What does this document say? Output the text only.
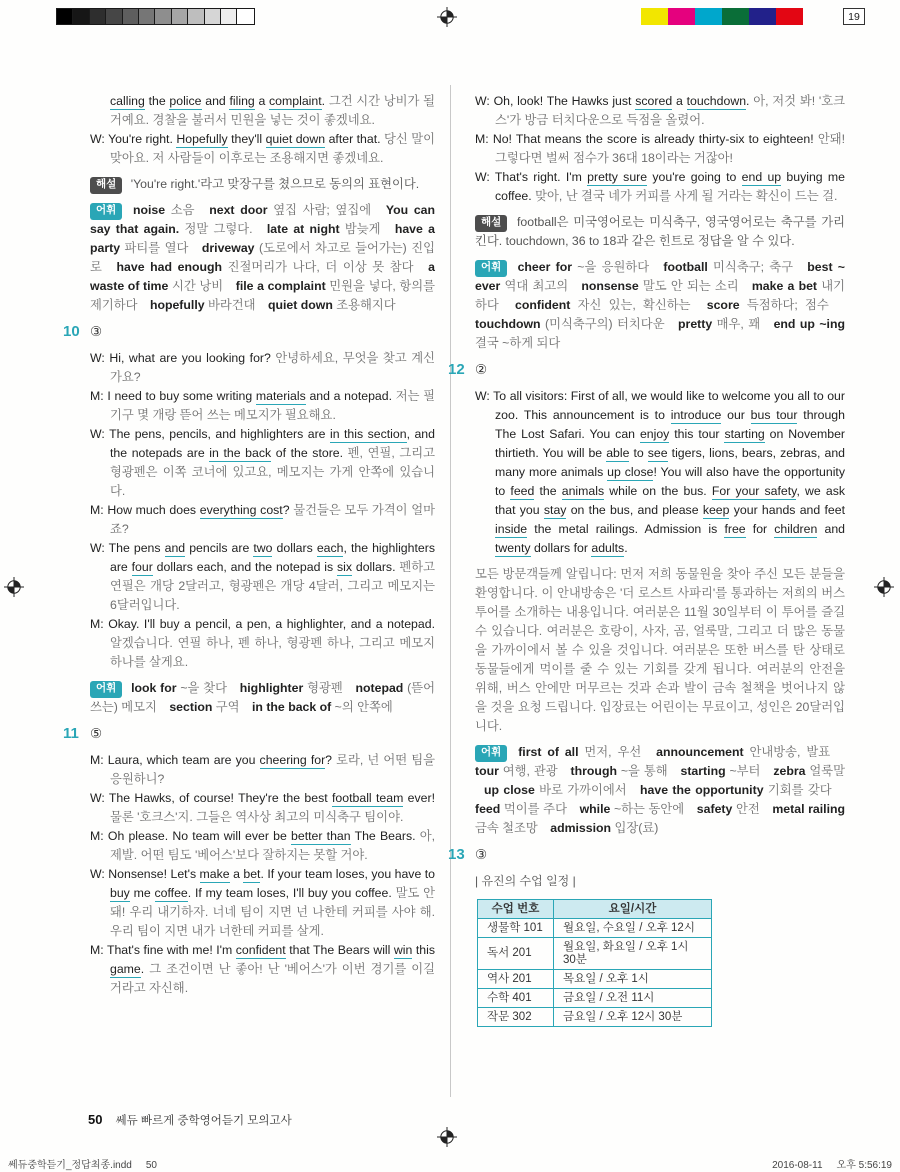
19

calling the police and filing a complaint. 그건 시간 낭비가 될 거예요. 경찰을 불러서 민원을 넣는 것이 좋겠네요.

W: You're right. Hopefully they'll quiet down after that. 당신 말이 맞아요. 저 사람들이 이후로는 조용해지면 좋겠네요.

해설 'You're right.'라고 맞장구를 쳤으므로 동의의 표현이다.

어휘 noise 소음 next door 옆집 사람; 옆집에 You can say that again. 정말 그렇다. late at night 밤늦게 have a party 파티를 열다 driveway (도로에서 차고로 들어가는) 진입로 have had enough 진절머리가 나다, 더 이상 못 참다 a waste of time 시간 낭비 file a complaint 민원을 넣다, 항의를 제기하다 hopefully 바라건대 quiet down 조용해지다

10 ③

W: Hi, what are you looking for? 안녕하세요, 무엇을 찾고 계신가요?

M: I need to buy some writing materials and a notepad. 저는 필기구 몇 개랑 뜯어 쓰는 메모지가 필요해요.

W: The pens, pencils, and highlighters are in this section, and the notepads are in the back of the store. 펜, 연필, 그리고 형광펜은 이쪽 코너에 있고요, 메모지는 가게 안쪽에 있습니다.

M: How much does everything cost? 물건들은 모두 가격이 얼마죠?

W: The pens and pencils are two dollars each, the highlighters are four dollars each, and the notepad is six dollars. 펜하고 연필은 개당 2달러고, 형광펜은 개당 4달러, 그리고 메모지는 6달러입니다.

M: Okay. I'll buy a pencil, a pen, a highlighter, and a notepad. 알겠습니다. 연필 하나, 펜 하나, 형광펜 하나, 그리고 메모지 하나를 살게요.

어휘 look for ~을 찾다 highlighter 형광펜 notepad (뜯어 쓰는) 메모지 section 구역 in the back of ~의 안쪽에

11 ⑤

M: Laura, which team are you cheering for? 로라, 넌 어떤 팀을 응원하니?

W: The Hawks, of course! They're the best football team ever! 물론 '호크스'지. 그들은 역사상 최고의 미식축구 팀이야.

M: Oh please. No team will ever be better than The Bears. 아, 제발. 어떤 팀도 '베어스'보다 잘하지는 못할 거야.

W: Nonsense! Let's make a bet. If your team loses, you have to buy me coffee. If my team loses, I'll buy you coffee. 말도 안 돼! 우리 내기하자. 너네 팀이 지면 넌 나한테 커피를 사야 해. 우리 팀이 지면 내가 너한테 커피를 살게.

M: That's fine with me! I'm confident that The Bears will win this game. 그 조건이면 난 좋아! 난 '베어스'가 이번 경기를 이길 거라고 자신해.

W: Oh, look! The Hawks just scored a touchdown. 아, 저것 봐! '호크스'가 방금 터치다운으로 득점을 올렸어.

M: No! That means the score is already thirty-six to eighteen! 안돼! 그렇다면 벌써 점수가 36대 18이라는 거잖아!

W: That's right. I'm pretty sure you're going to end up buying me coffee. 맞아, 난 결국 네가 커피를 사게 될 거라는 확신이 드는 걸.

해설 football은 미국영어로는 미식축구, 영국영어로는 축구를 가리킨다. touchdown, 36 to 18과 같은 힌트로 정답을 알 수 있다.

어휘 cheer for ~을 응원하다 football 미식축구; 축구 best ~ ever 역대 최고의 nonsense 말도 안 되는 소리 make a bet 내기하다 confident 자신 있는, 확신하는 score 득점하다; 점수 touchdown (미식축구의) 터치다운 pretty 매우, 꽤 end up ~ing 결국 ~하게 되다

12 ②

W: To all visitors: First of all, we would like to welcome you all to our zoo. This announcement is to introduce our bus tour through The Lost Safari. You can enjoy this tour starting on November thirtieth. You will be able to see tigers, lions, bears, zebras, and many more animals up close! You will also have the opportunity to feed the animals while on the bus. For your safety, we ask that you stay on the bus, and please keep your hands and feet inside the metal railings. Admission is free for children and twenty dollars for adults.

모든 방문객들께 알립니다: 먼저 저희 동물원을 찾아 주신 모든 분들을 환영합니다. 이 안내방송은 '더 로스트 사파리'를 통과하는 저희의 버스 투어를 소개하는 내용입니다. 여러분은 11월 30일부터 이 투어를 즐길 수 있습니다. 여러분은 호랑이, 사자, 곰, 얼룩말, 그리고 더 많은 동물을 가까이에서 볼 수 있을 것입니다. 여러분은 또한 버스를 탄 상태로 동물들에게 먹이를 줄 수 있는 기회를 갖게 됩니다. 여러분의 안전을 위해, 버스 안에만 머무르는 것과 손과 발이 금속 철책을 벗어나지 않을 것을 요청 드립니다. 입장료는 어린이는 무료이고, 성인은 20달러입니다.

어휘 first of all 먼저, 우선 announcement 안내방송, 발표 tour 여행, 관광 through ~을 통해 starting ~부터 zebra 얼룩말 up close 바로 가까이에서 have the opportunity 기회를 갖다 feed 먹이를 주다 while ~하는 동안에 safety 안전 metal railing 금속 철조망 admission 입장(료)

13 ③

| 유진의 수업 일정 |

수업 번호	요일/시간
생물학 101	월요일, 수요일 / 오후 12시
독서 201	월요일, 화요일 / 오후 1시 30분
역사 201	목요일 / 오후 1시
수학 401	금요일 / 오전 11시
작문 302	금요일 / 오후 12시 30분
50 쎄듀 빠르게 중학영어듣기 모의고사
쎄듀중학듣기_정답최종.indd 50	2016-08-11 오후 5:56:19
